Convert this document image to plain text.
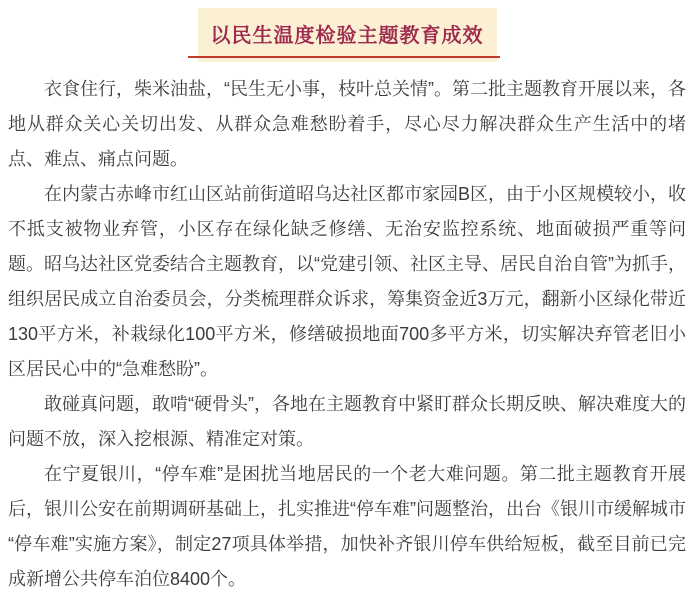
以民生温度检验主题教育成效

衣食住行，柴米油盐，“民生无小事，枝叶总关情”。第二批主题教育开展以来，各地从群众关心关切出发、从群众急难愁盼着手，尽心尽力解决群众生产生活中的堵点、难点、痛点问题。

在内蒙古赤峰市红山区站前街道昭乌达社区都市家园B区，由于小区规模较小，收不抵支被物业弃管，小区存在绿化缺乏修缮、无治安监控系统、地面破损严重等问题。昭乌达社区党委结合主题教育，以“党建引领、社区主导、居民自治自管”为抓手，组织居民成立自治委员会，分类梳理群众诉求，筹集资金近3万元，翻新小区绿化带近130平方米，补栽绿化100平方米，修缮破损地面700多平方米，切实解决弃管老旧小区居民心中的“急难愁盼”。

敢碰真问题，敢啃“硬骨头”，各地在主题教育中紧盯群众长期反映、解决难度大的问题不放，深入挖根源、精准定对策。

在宁夏银川，“停车难”是困扰当地居民的一个老大难问题。第二批主题教育开展后，银川公安在前期调研基础上，扎实推进“停车难”问题整治，出台《银川市缓解城市“停车难”实施方案》，制定27项具体举措，加快补齐银川停车供给短板，截至目前已完成新增公共停车泊位8400个。
